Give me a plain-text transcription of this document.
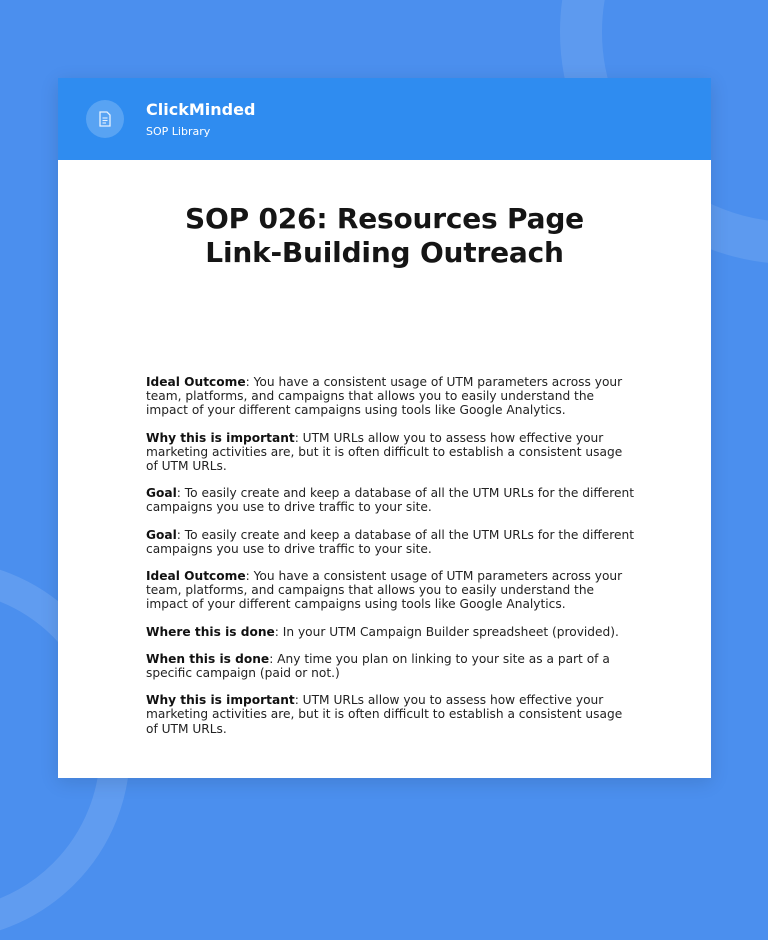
ClickMinded
SOP Library
SOP 026: Resources Page
Link-Building Outreach

Ideal Outcome: You have a consistent usage of UTM parameters across your team, platforms, and campaigns that allows you to easily understand the impact of your different campaigns using tools like Google Analytics.

Why this is important: UTM URLs allow you to assess how effective your marketing activities are, but it is often difficult to establish a consistent usage of UTM URLs.

Goal: To easily create and keep a database of all the UTM URLs for the different campaigns you use to drive traffic to your site.

Goal: To easily create and keep a database of all the UTM URLs for the different campaigns you use to drive traffic to your site.

Ideal Outcome: You have a consistent usage of UTM parameters across your team, platforms, and campaigns that allows you to easily understand the impact of your different campaigns using tools like Google Analytics.

Where this is done: In your UTM Campaign Builder spreadsheet (provided).

When this is done: Any time you plan on linking to your site as a part of a specific campaign (paid or not.)

Why this is important: UTM URLs allow you to assess how effective your marketing activities are, but it is often difficult to establish a consistent usage of UTM URLs.
